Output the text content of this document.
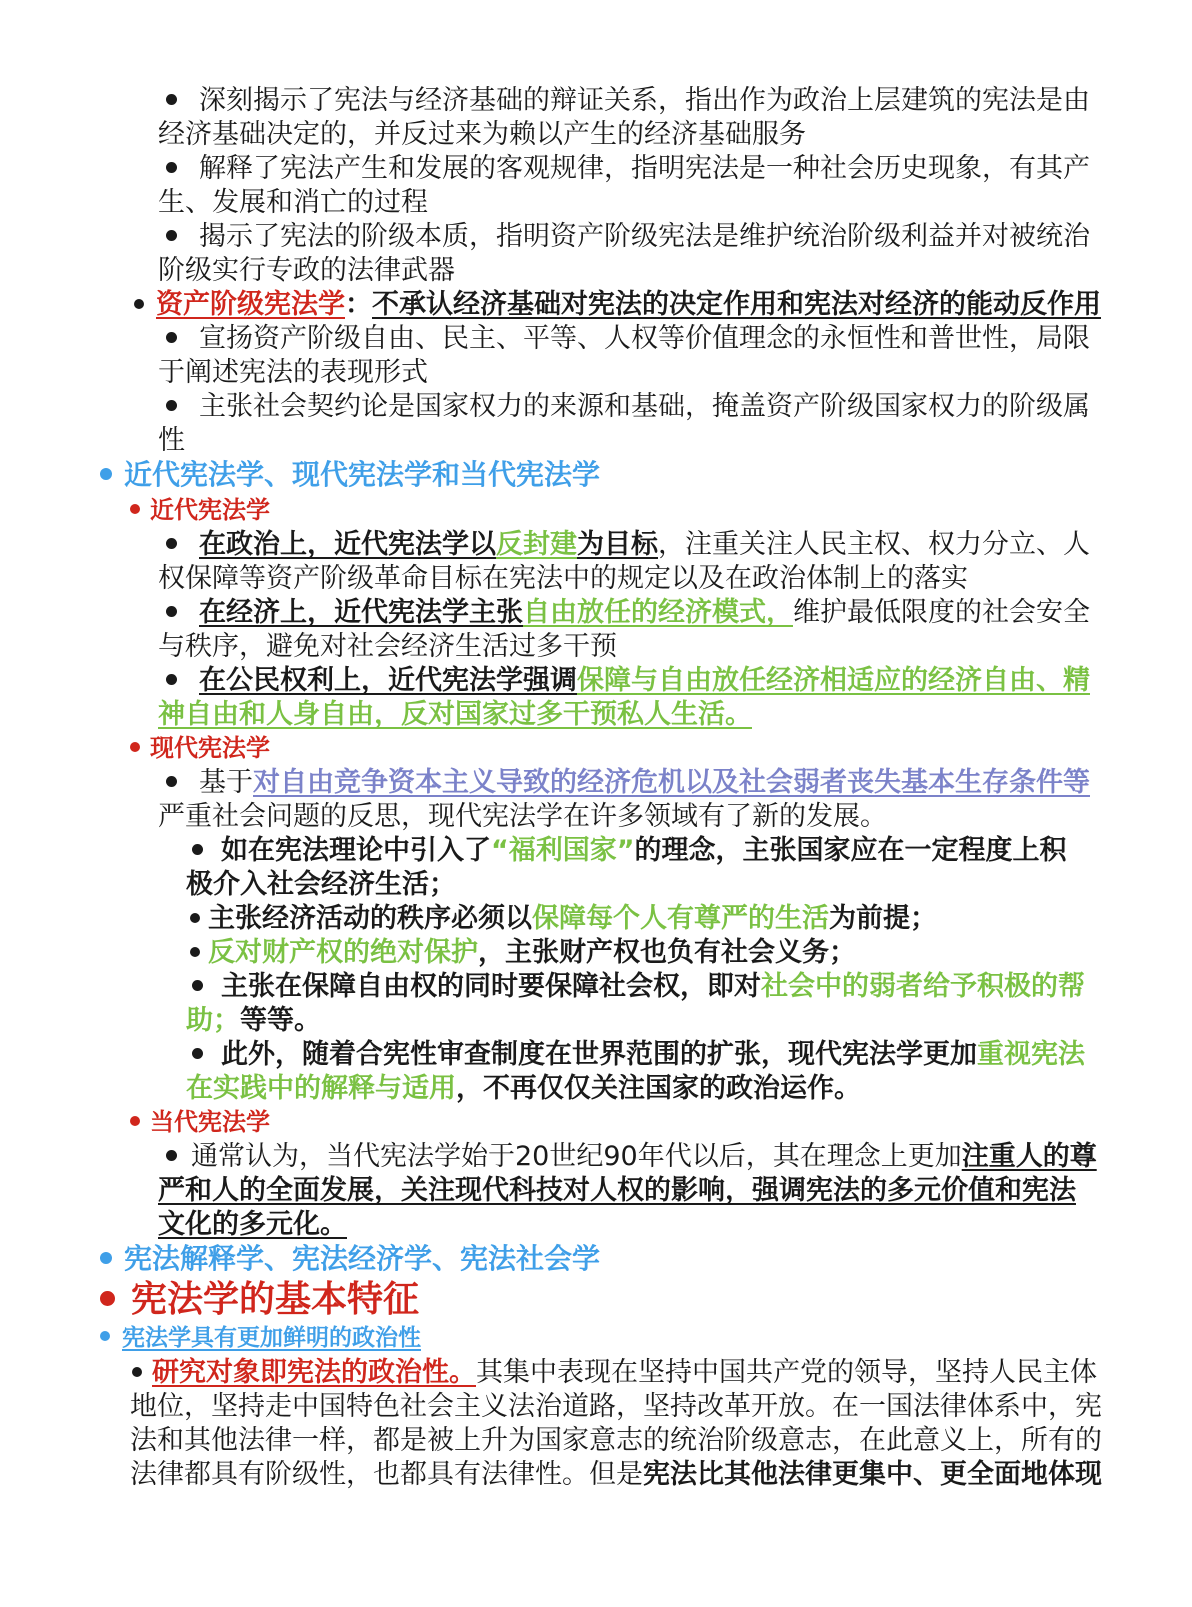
深刻揭示了宪法与经济基础的辩证关系，指出作为政治上层建筑的宪法是由
经济基础决定的，并反过来为赖以产生的经济基础服务
解释了宪法产生和发展的客观规律，指明宪法是一种社会历史现象，有其产
生、发展和消亡的过程
揭示了宪法的阶级本质，指明资产阶级宪法是维护统治阶级利益并对被统治
阶级实行专政的法律武器
资产阶级宪法学：不承认经济基础对宪法的决定作用和宪法对经济的能动反作用
宣扬资产阶级自由、民主、平等、人权等价值理念的永恒性和普世性，局限
于阐述宪法的表现形式
主张社会契约论是国家权力的来源和基础，掩盖资产阶级国家权力的阶级属
性
近代宪法学、现代宪法学和当代宪法学
近代宪法学
在政治上，近代宪法学以反封建为目标，注重关注人民主权、权力分立、人
权保障等资产阶级革命目标在宪法中的规定以及在政治体制上的落实
在经济上，近代宪法学主张自由放任的经济模式，维护最低限度的社会安全
与秩序，避免对社会经济生活过多干预
在公民权利上，近代宪法学强调保障与自由放任经济相适应的经济自由、精
神自由和人身自由，反对国家过多干预私人生活。
现代宪法学
基于对自由竞争资本主义导致的经济危机以及社会弱者丧失基本生存条件等
严重社会问题的反思，现代宪法学在许多领域有了新的发展。
如在宪法理论中引入了“福利国家”的理念，主张国家应在一定程度上积
极介入社会经济生活；
主张经济活动的秩序必须以保障每个人有尊严的生活为前提；
反对财产权的绝对保护，主张财产权也负有社会义务；
主张在保障自由权的同时要保障社会权，即对社会中的弱者给予积极的帮
助；等等。
此外，随着合宪性审查制度在世界范围的扩张，现代宪法学更加重视宪法
在实践中的解释与适用，不再仅仅关注国家的政治运作。
当代宪法学
通常认为，当代宪法学始于20世纪90年代以后，其在理念上更加注重人的尊
严和人的全面发展，关注现代科技对人权的影响，强调宪法的多元价值和宪法
文化的多元化。
宪法解释学、宪法经济学、宪法社会学
宪法学的基本特征
宪法学具有更加鲜明的政治性
研究对象即宪法的政治性。其集中表现在坚持中国共产党的领导，坚持人民主体
地位，坚持走中国特色社会主义法治道路，坚持改革开放。在一国法律体系中，宪
法和其他法律一样，都是被上升为国家意志的统治阶级意志，在此意义上，所有的
法律都具有阶级性，也都具有法律性。但是宪法比其他法律更集中、更全面地体现
